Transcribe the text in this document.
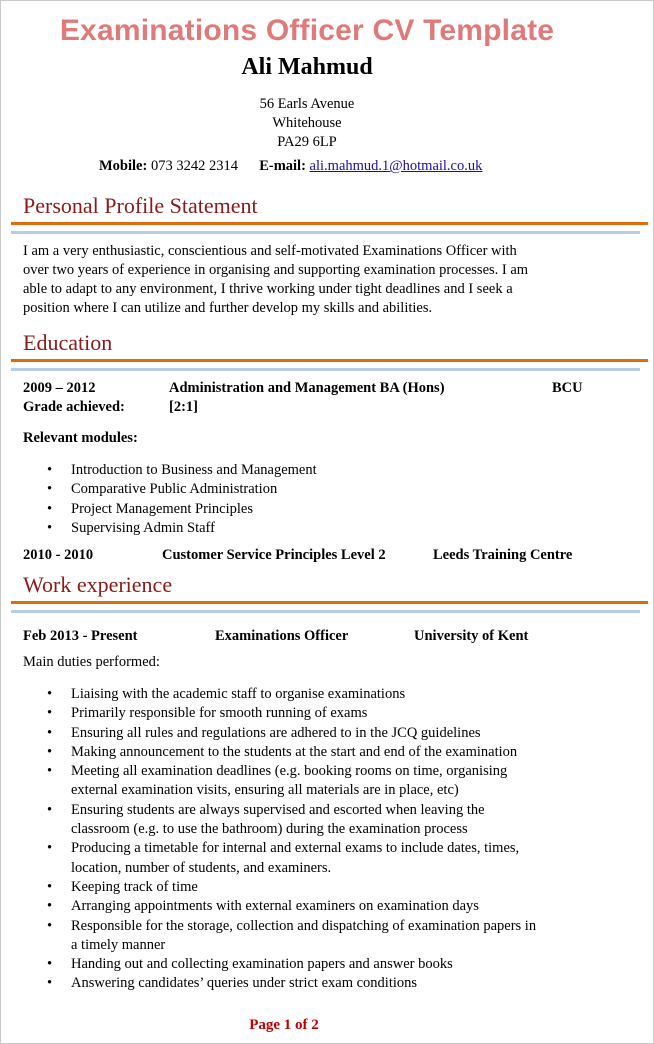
Examinations Officer CV Template
Ali Mahmud
56 Earls Avenue
Whitehouse
PA29 6LP
Mobile: 073 3242 2314 E-mail: ali.mahmud.1@hotmail.co.uk
Personal Profile Statement
I am a very enthusiastic, conscientious and self-motivated Examinations Officer with
over two years of experience in organising and supporting examination processes. I am
able to adapt to any environment, I thrive working under tight deadlines and I seek a
position where I can utilize and further develop my skills and abilities.
Education
2009 – 2012	Administration and Management BA (Hons)	BCU
Grade achieved:	[2:1]
Relevant modules:
• Introduction to Business and Management
• Comparative Public Administration
• Project Management Principles
• Supervising Admin Staff
2010 - 2010	Customer Service Principles Level 2	Leeds Training Centre
Work experience
Feb 2013 - Present	Examinations Officer	University of Kent
Main duties performed:
• Liaising with the academic staff to organise examinations
• Primarily responsible for smooth running of exams
• Ensuring all rules and regulations are adhered to in the JCQ guidelines
• Making announcement to the students at the start and end of the examination
• Meeting all examination deadlines (e.g. booking rooms on time, organising
external examination visits, ensuring all materials are in place, etc)
• Ensuring students are always supervised and escorted when leaving the
classroom (e.g. to use the bathroom) during the examination process
• Producing a timetable for internal and external exams to include dates, times,
location, number of students, and examiners.
• Keeping track of time
• Arranging appointments with external examiners on examination days
• Responsible for the storage, collection and dispatching of examination papers in
a timely manner
• Handing out and collecting examination papers and answer books
• Answering candidates’ queries under strict exam conditions
Page 1 of 2
